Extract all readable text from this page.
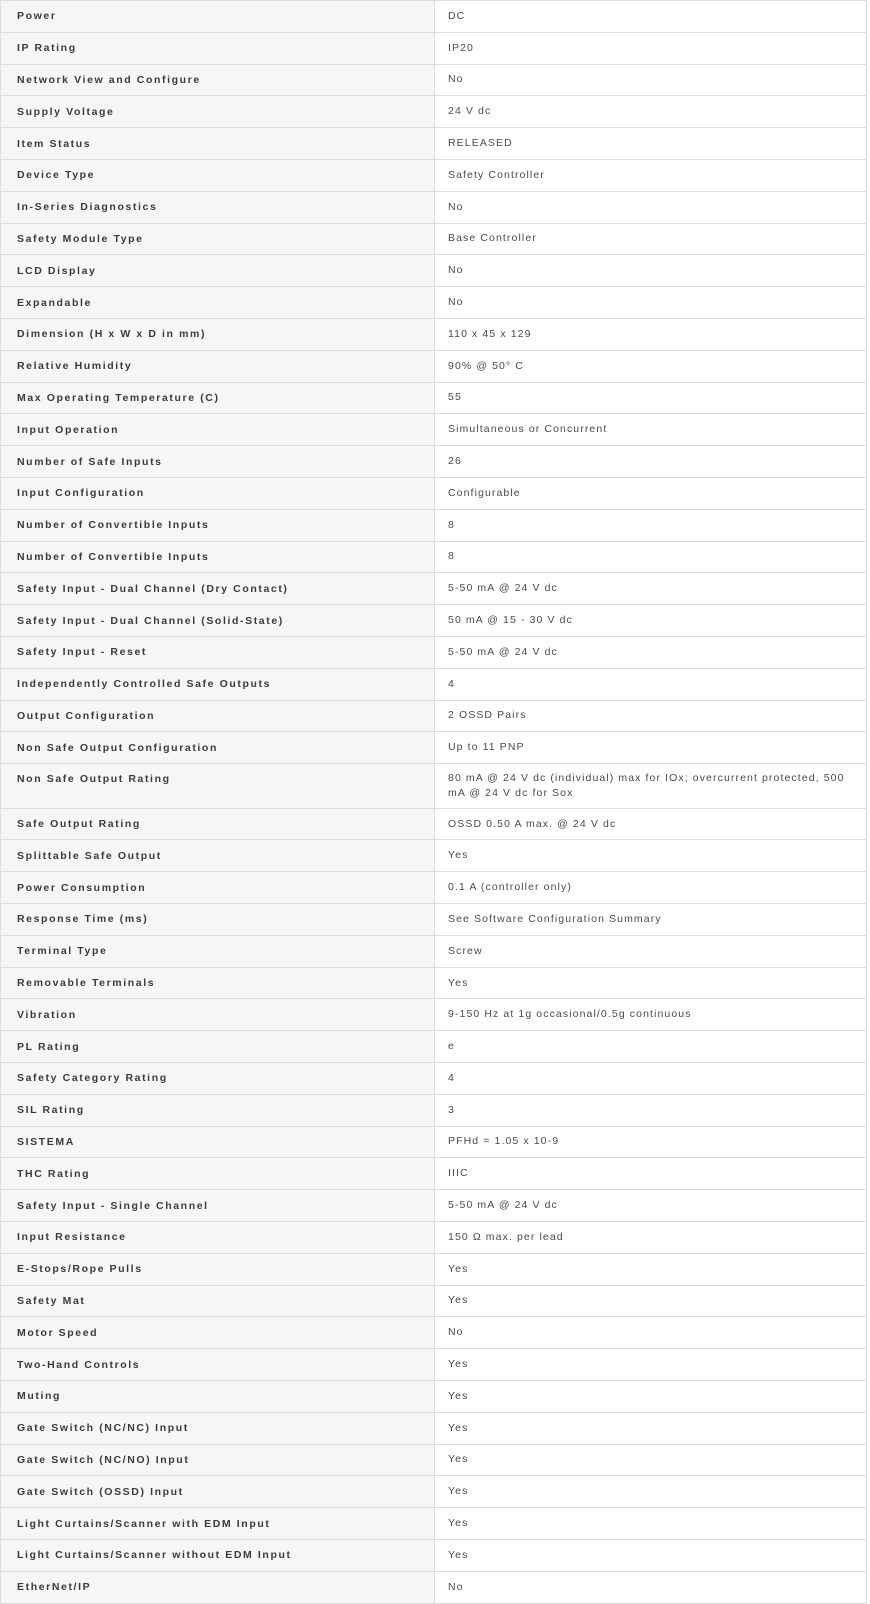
Power	DC
IP Rating	IP20
Network View and Configure	No
Supply Voltage	24 V dc
Item Status	RELEASED
Device Type	Safety Controller
In-Series Diagnostics	No
Safety Module Type	Base Controller
LCD Display	No
Expandable	No
Dimension (H x W x D in mm)	110 x 45 x 129
Relative Humidity	90% @ 50° C
Max Operating Temperature (C)	55
Input Operation	Simultaneous or Concurrent
Number of Safe Inputs	26
Input Configuration	Configurable
Number of Convertible Inputs	8
Number of Convertible Inputs	8
Safety Input - Dual Channel (Dry Contact)	5-50 mA @ 24 V dc
Safety Input - Dual Channel (Solid-State)	50 mA @ 15 - 30 V dc
Safety Input - Reset	5-50 mA @ 24 V dc
Independently Controlled Safe Outputs	4
Output Configuration	2 OSSD Pairs
Non Safe Output Configuration	Up to 11 PNP
Non Safe Output Rating	80 mA @ 24 V dc (individual) max for IOx; overcurrent protected, 500 mA @ 24 V dc for Sox
Safe Output Rating	OSSD 0.50 A max. @ 24 V dc
Splittable Safe Output	Yes
Power Consumption	0.1 A (controller only)
Response Time (ms)	See Software Configuration Summary
Terminal Type	Screw
Removable Terminals	Yes
Vibration	9-150 Hz at 1g occasional/0.5g continuous
PL Rating	e
Safety Category Rating	4
SIL Rating	3
SISTEMA	PFHd = 1.05 x 10-9
THC Rating	IIIC
Safety Input - Single Channel	5-50 mA @ 24 V dc
Input Resistance	150 Ω max. per lead
E-Stops/Rope Pulls	Yes
Safety Mat	Yes
Motor Speed	No
Two-Hand Controls	Yes
Muting	Yes
Gate Switch (NC/NC) Input	Yes
Gate Switch (NC/NO) Input	Yes
Gate Switch (OSSD) Input	Yes
Light Curtains/Scanner with EDM Input	Yes
Light Curtains/Scanner without EDM Input	Yes
EtherNet/IP	No
